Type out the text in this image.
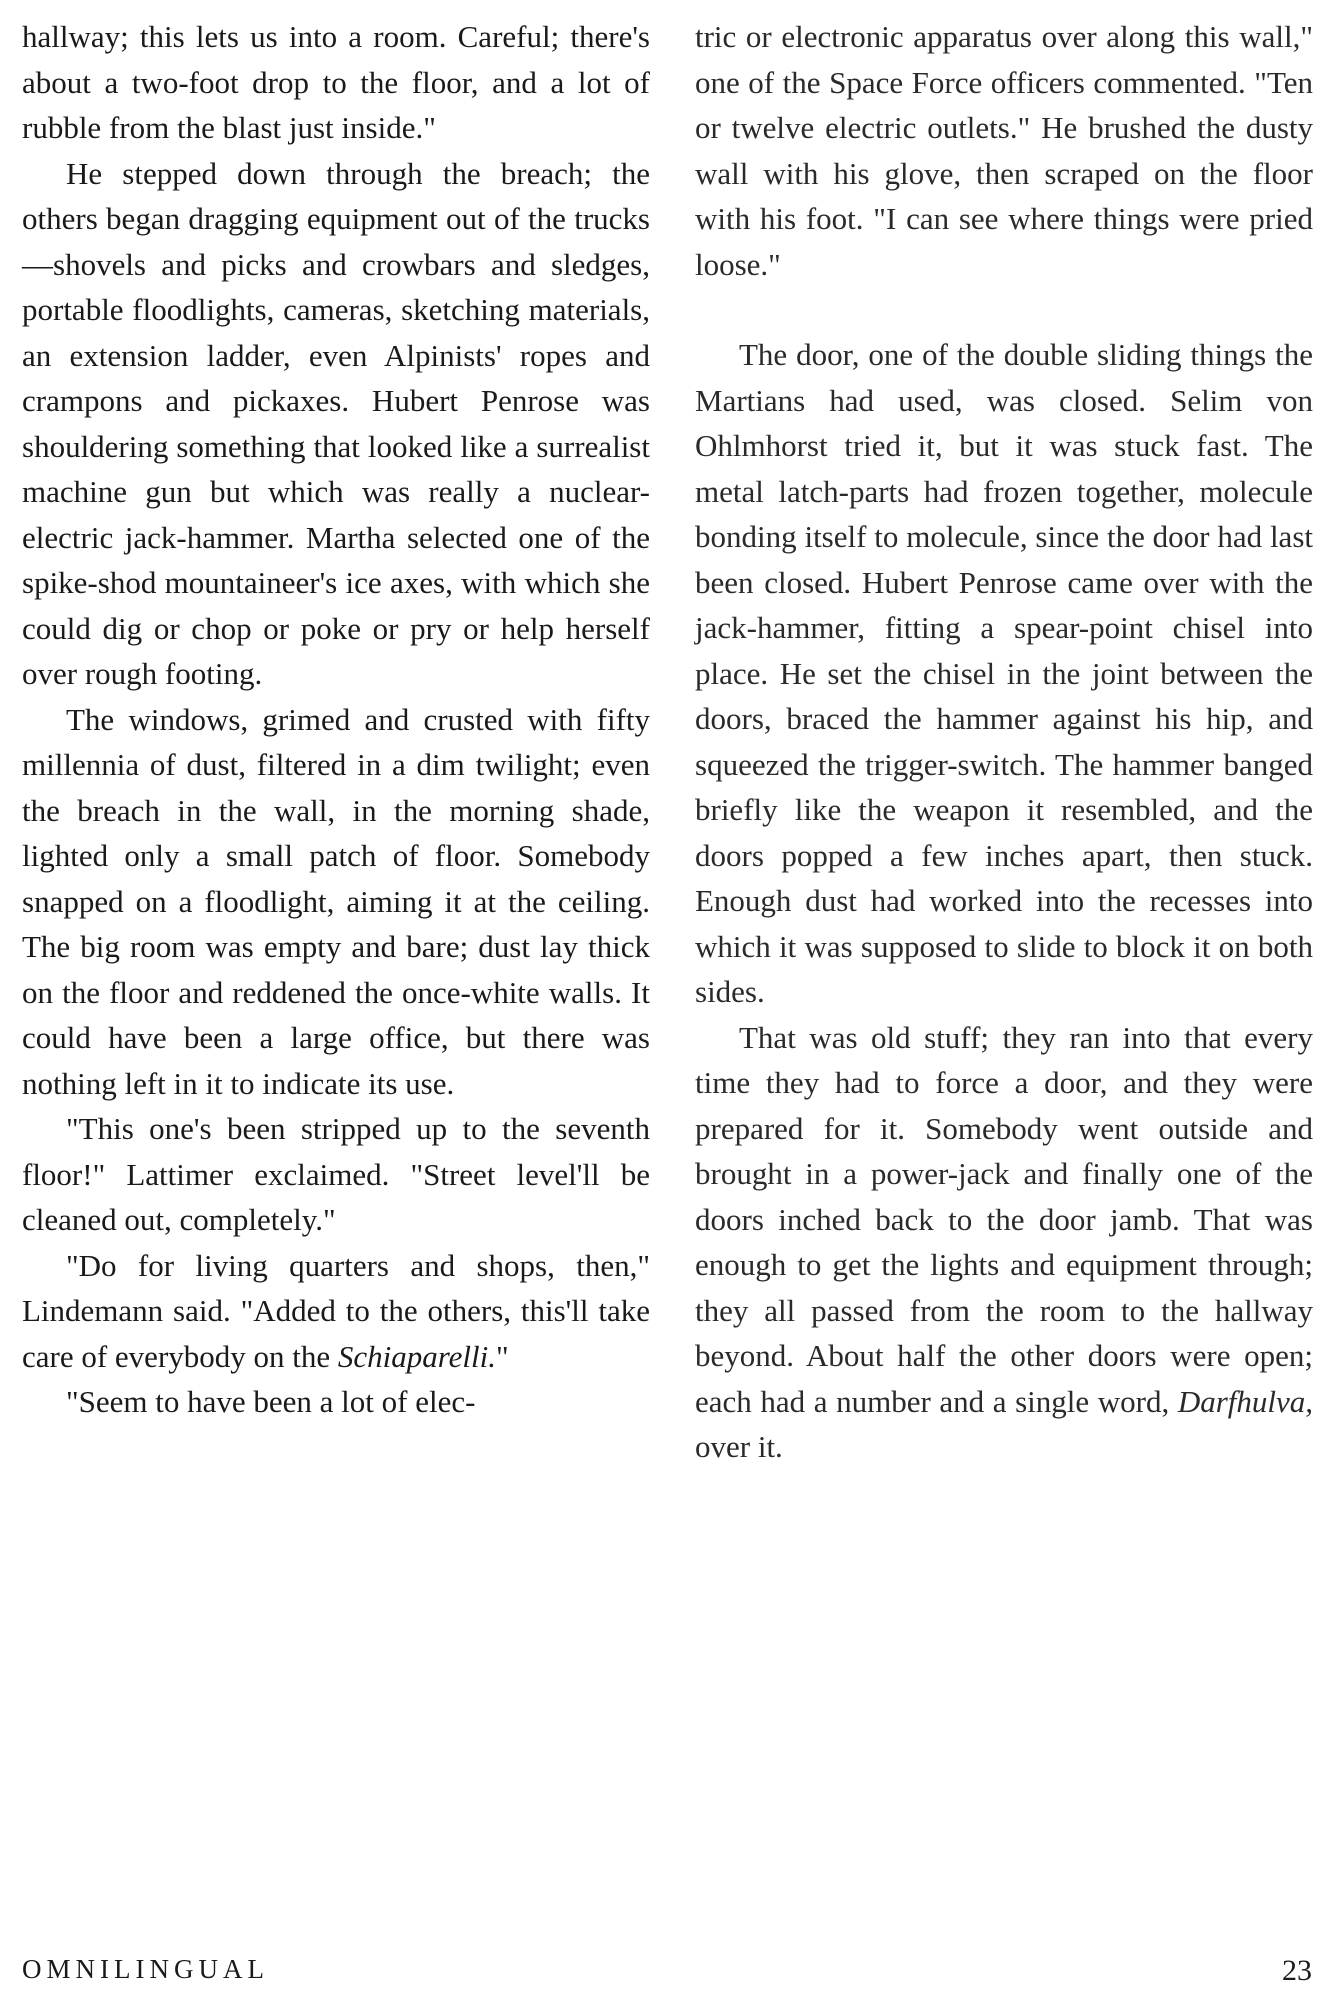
hallway; this lets us into a room. Careful; there's about a two-foot drop to the floor, and a lot of rubble from the blast just inside."

He stepped down through the breach; the others began dragging equipment out of the trucks—shovels and picks and crowbars and sledges, portable floodlights, cameras, sketching materials, an extension ladder, even Alpinists' ropes and crampons and pickaxes. Hubert Penrose was shouldering something that looked like a surrealist machine gun but which was really a nuclear-electric jack-hammer. Martha selected one of the spike-shod mountaineer's ice axes, with which she could dig or chop or poke or pry or help herself over rough footing.

The windows, grimed and crusted with fifty millennia of dust, filtered in a dim twilight; even the breach in the wall, in the morning shade, lighted only a small patch of floor. Somebody snapped on a floodlight, aiming it at the ceiling. The big room was empty and bare; dust lay thick on the floor and reddened the once-white walls. It could have been a large office, but there was nothing left in it to indicate its use.

"This one's been stripped up to the seventh floor!" Lattimer exclaimed. "Street level'll be cleaned out, completely."

"Do for living quarters and shops, then," Lindemann said. "Added to the others, this'll take care of everybody on the Schiaparelli."

"Seem to have been a lot of elec-

tric or electronic apparatus over along this wall," one of the Space Force officers commented. "Ten or twelve electric outlets." He brushed the dusty wall with his glove, then scraped on the floor with his foot. "I can see where things were pried loose."

The door, one of the double sliding things the Martians had used, was closed. Selim von Ohlmhorst tried it, but it was stuck fast. The metal latch-parts had frozen together, molecule bonding itself to molecule, since the door had last been closed. Hubert Penrose came over with the jack-hammer, fitting a spear-point chisel into place. He set the chisel in the joint between the doors, braced the hammer against his hip, and squeezed the trigger-switch. The hammer banged briefly like the weapon it resembled, and the doors popped a few inches apart, then stuck. Enough dust had worked into the recesses into which it was supposed to slide to block it on both sides.

That was old stuff; they ran into that every time they had to force a door, and they were prepared for it. Somebody went outside and brought in a power-jack and finally one of the doors inched back to the door jamb. That was enough to get the lights and equipment through; they all passed from the room to the hallway beyond. About half the other doors were open; each had a number and a single word, Darfhulva, over it.

OMNILINGUAL	23
